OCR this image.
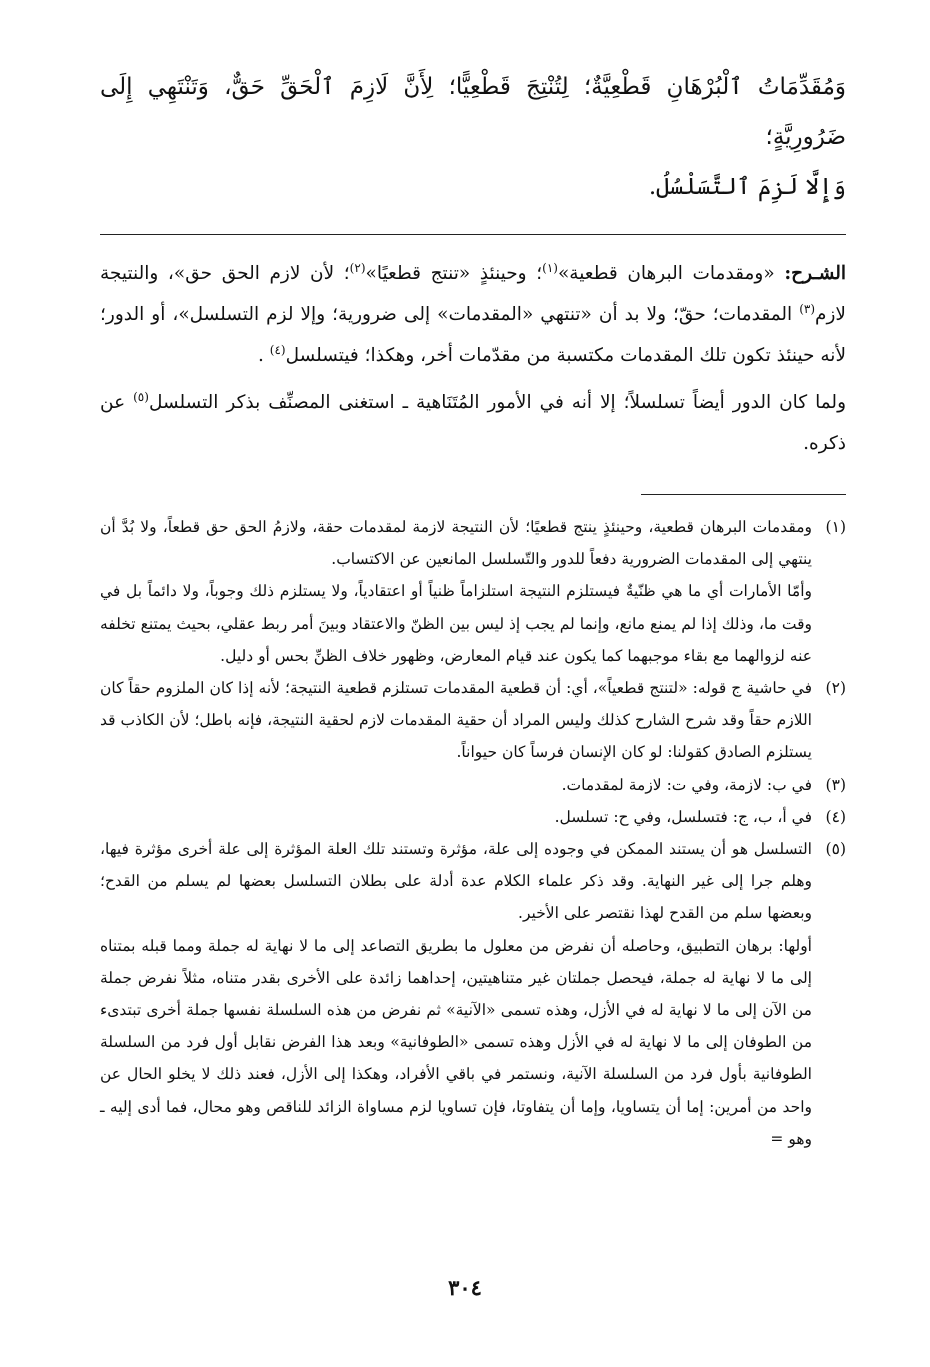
وَمُقَدِّمَاتُ ٱلْبُرْهَانِ قَطْعِيَّةٌ؛ لِتُنْتِجَ قَطْعِيًّا؛ لِأَنَّ لَازِمَ ٱلْحَقِّ حَقٌّ، وَتَنْتَهِي إِلَى ضَرُورِيَّةٍ؛
وَإِلَّا لَزِمَ ٱلتَّسَلْسُلُ.

الشـرح: «ومقدمات البرهان قطعية»$^{(١)}$؛ وحينئذٍ «تنتج قطعيًا»$^{(٢)}$؛ لأن لازم الحق حق»، والنتيجة لازم$^{(٣)}$ المقدمات؛ حقّ؛ ولا بد أن «تنتهي «المقدمات» إلى ضرورية؛ وإلا لزم التسلسل»، أو الدور؛ لأنه حينئذ تكون تلك المقدمات مكتسبة من مقدّمات أخر، وهكذا؛ فيتسلسل$^{(٤)}$ .

ولما كان الدور أيضاً تسلسلاً؛ إلا أنه في الأمور المُتَنَاهية ـ استغنى المصنِّف بذكر التسلسل$^{(٥)}$ عن ذكره.

(١)

ومقدمات البرهان قطعية، وحينئذٍ ينتج قطعيًا؛ لأن النتيجة لازمة لمقدمات حقة، ولازمُ الحق حق قطعاً، ولا بُدَّ أن ينتهي إلى المقدمات الضرورية دفعاً للدور والتّسلسل المانعين عن الاكتساب.

وأمّا الأمارات أي ما هي ظنّيةٌ فيستلزم النتيجة استلزاماً ظنياً أو اعتقادياً، ولا يستلزم ذلك وجوباً، ولا دائماً بل في وقت ما، وذلك إذا لم يمنع مانع، وإنما لم يجب إذ ليس بين الظنّ والاعتقاد وبينَ أمر ربط عقلي، بحيث يمتنع تخلفه عنه لزوالهما مع بقاء موجبهما كما يكون عند قيام المعارض، وظهور خلاف الظنِّ بحس أو دليل.

(٢)

في حاشية ج قوله: «لتنتج قطعياً»، أي: أن قطعية المقدمات تستلزم قطعية النتيجة؛ لأنه إذا كان الملزوم حقاً كان اللازم حقاً وقد شرح الشارح كذلك وليس المراد أن حقية المقدمات لازم لحقية النتيجة، فإنه باطل؛ لأن الكاذب قد يستلزم الصادق كقولنا: لو كان الإنسان فرساً كان حيواناً.

(٣)

في ب: لازمة، وفي ت: لازمة لمقدمات.

(٤)

في أ، ب، ج: فتسلسل، وفي ح: تسلسل.

(٥)

التسلسل هو أن يستند الممكن في وجوده إلى علة، مؤثرة وتستند تلك العلة المؤثرة إلى علة أخرى مؤثرة فيها، وهلم جرا إلى غير النهاية. وقد ذكر علماء الكلام عدة أدلة على بطلان التسلسل بعضها لم يسلم من القدح؛ وبعضها سلم من القدح لهذا نقتصر على الأخير.

أولها: برهان التطبيق، وحاصله أن نفرض من معلول ما بطريق التصاعد إلى ما لا نهاية له جملة ومما قبله بمتناه إلى ما لا نهاية له جملة، فيحصل جملتان غير متناهيتين، إحداهما زائدة على الأخرى بقدر متناه، مثلاً نفرض جملة من الآن إلى ما لا نهاية له في الأزل، وهذه تسمى «الآنية» ثم نفرض من هذه السلسلة نفسها جملة أخرى تبتدىء من الطوفان إلى ما لا نهاية له في الأزل وهذه تسمى «الطوفانية» وبعد هذا الفرض نقابل أول فرد من السلسلة الطوفانية بأول فرد من السلسلة الآنية، ونستمر في باقي الأفراد، وهكذا إلى الأزل، فعند ذلك لا يخلو الحال عن واحد من أمرين: إما أن يتساويا، وإما أن يتفاوتا، فإن تساويا لزم مساواة الزائد للناقص وهو محال، فما أدى إليه ـ وهو =

٣٠٤
